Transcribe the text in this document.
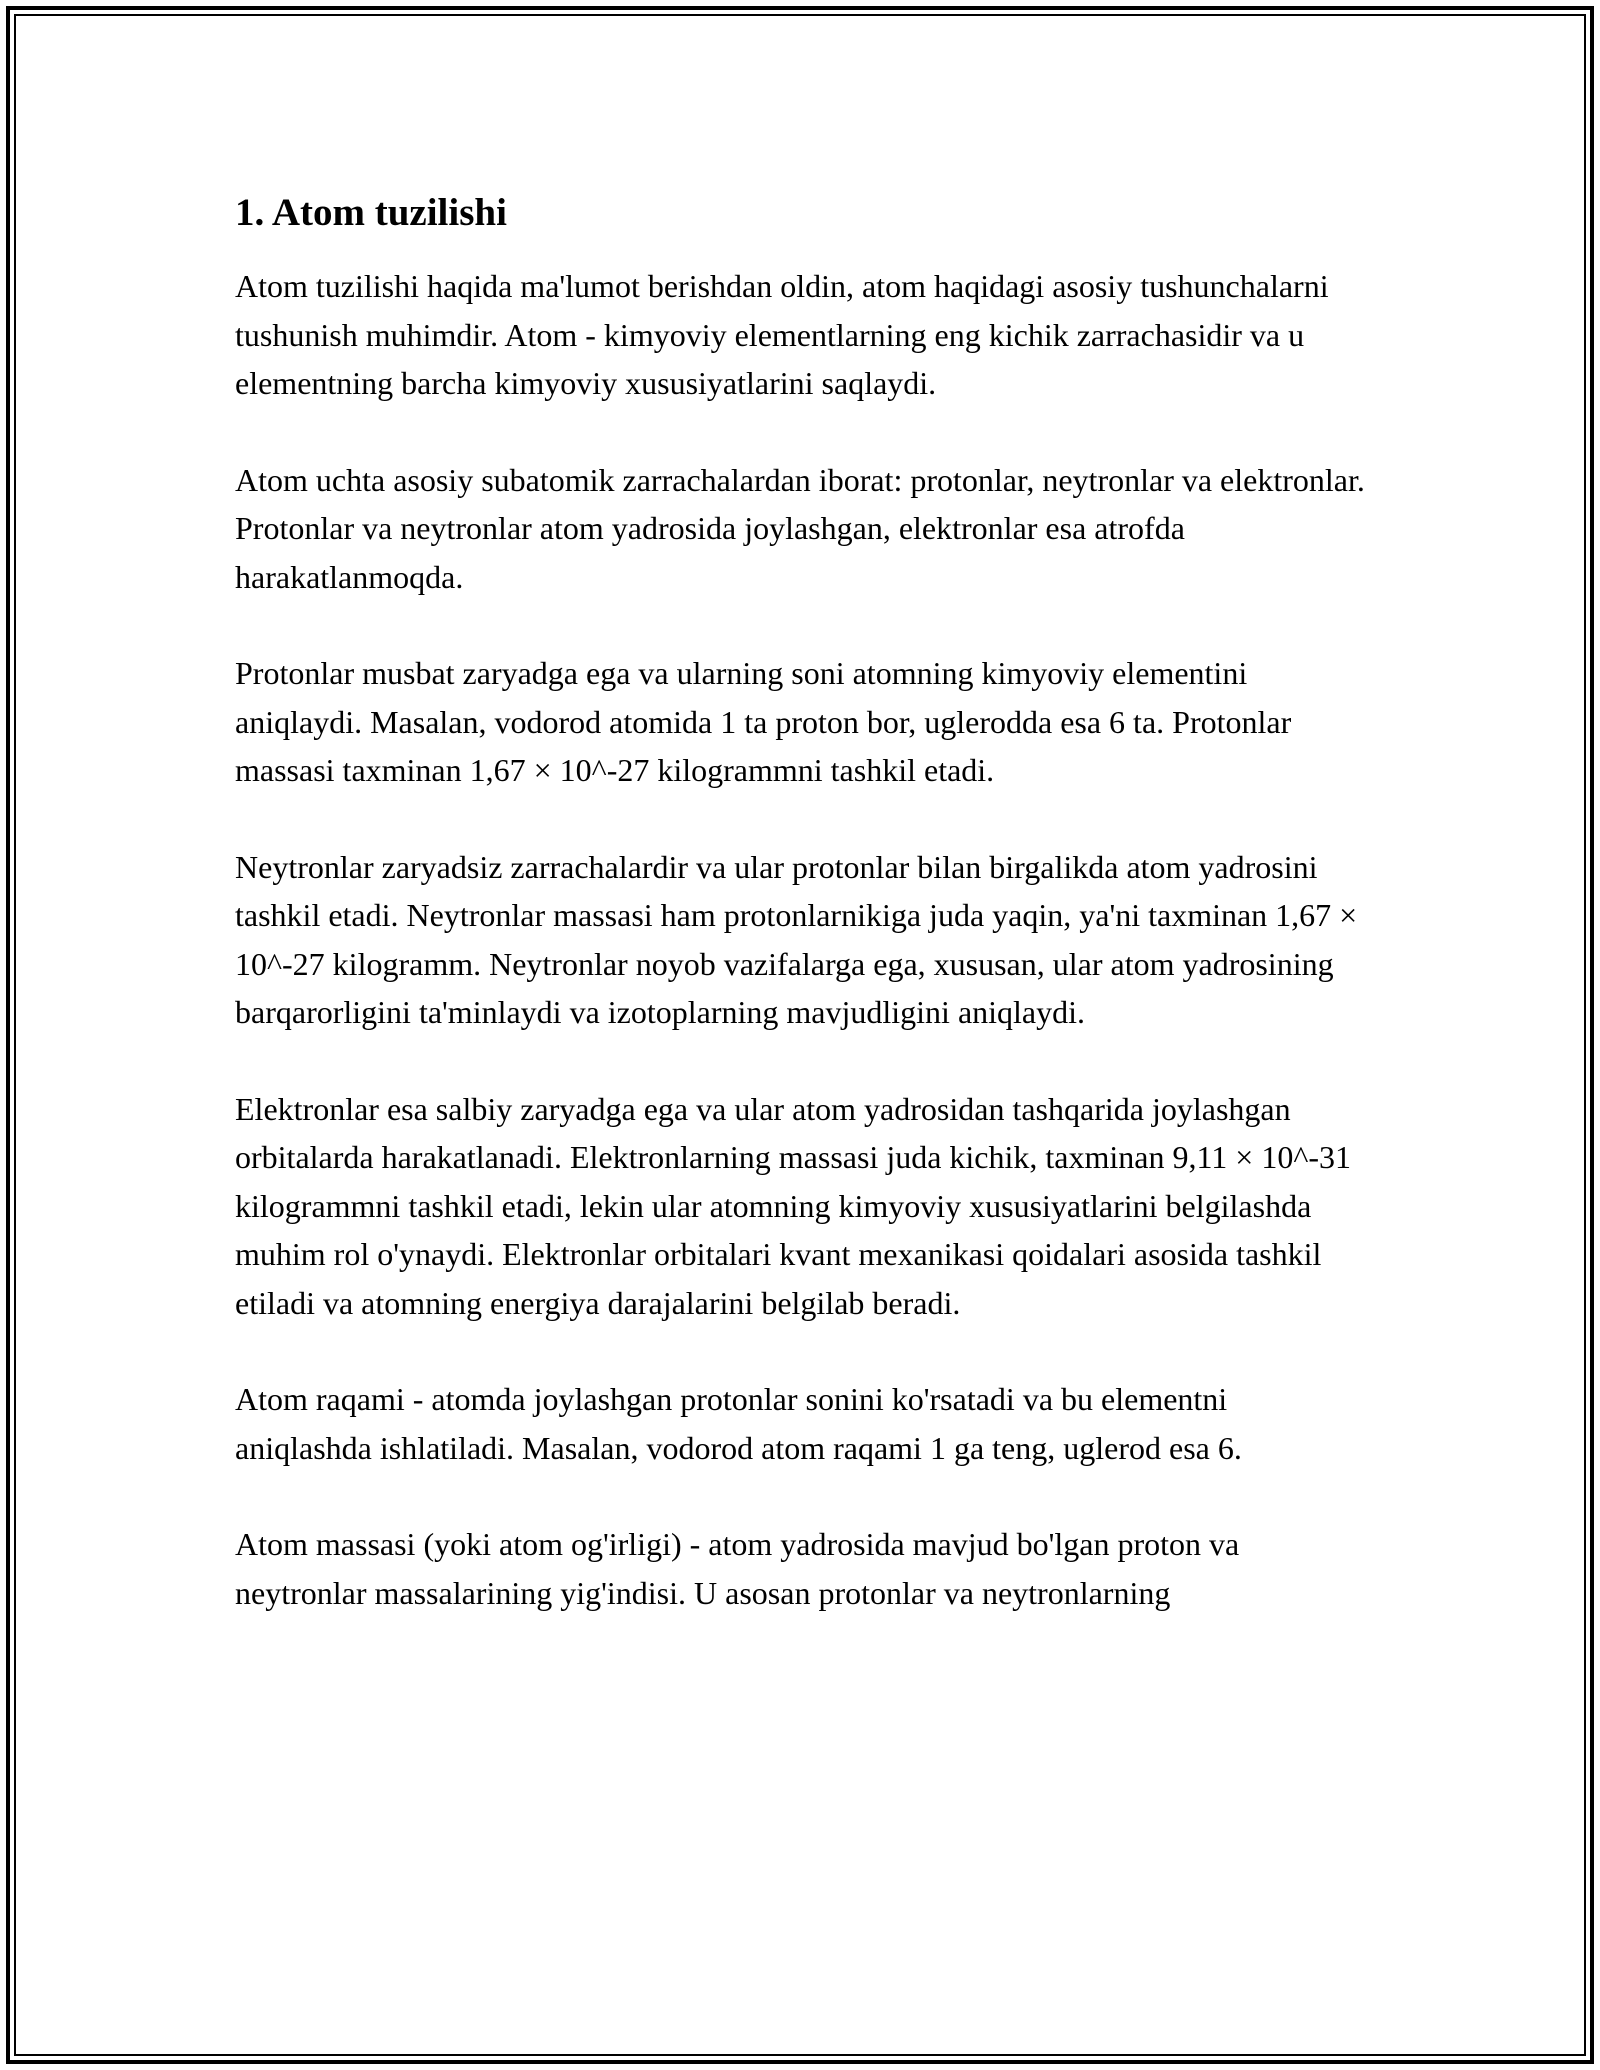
1. Atom tuzilishi

Atom tuzilishi haqida ma'lumot berishdan oldin, atom haqidagi asosiy tushunchalarni tushunish muhimdir. Atom - kimyoviy elementlarning eng kichik zarrachasidir va u elementning barcha kimyoviy xususiyatlarini saqlaydi.

Atom uchta asosiy subatomik zarrachalardan iborat: protonlar, neytronlar va elektronlar. Protonlar va neytronlar atom yadrosida joylashgan, elektronlar esa atrofda harakatlanmoqda.

Protonlar musbat zaryadga ega va ularning soni atomning kimyoviy elementini aniqlaydi. Masalan, vodorod atomida 1 ta proton bor, uglerodda esa 6 ta. Protonlar massasi taxminan 1,67 × 10^-27 kilogrammni tashkil etadi.

Neytronlar zaryadsiz zarrachalardir va ular protonlar bilan birgalikda atom yadrosini tashkil etadi. Neytronlar massasi ham protonlarnikiga juda yaqin, ya'ni taxminan 1,67 × 10^-27 kilogramm. Neytronlar noyob vazifalarga ega, xususan, ular atom yadrosining barqarorligini ta'minlaydi va izotoplarning mavjudligini aniqlaydi.

Elektronlar esa salbiy zaryadga ega va ular atom yadrosidan tashqarida joylashgan orbitalarda harakatlanadi. Elektronlarning massasi juda kichik, taxminan 9,11 × 10^-31 kilogrammni tashkil etadi, lekin ular atomning kimyoviy xususiyatlarini belgilashda muhim rol o'ynaydi. Elektronlar orbitalari kvant mexanikasi qoidalari asosida tashkil etiladi va atomning energiya darajalarini belgilab beradi.

Atom raqami - atomda joylashgan protonlar sonini ko'rsatadi va bu elementni aniqlashda ishlatiladi. Masalan, vodorod atom raqami 1 ga teng, uglerod esa 6.

Atom massasi (yoki atom og'irligi) - atom yadrosida mavjud bo'lgan proton va neytronlar massalarining yig'indisi. U asosan protonlar va neytronlarning
